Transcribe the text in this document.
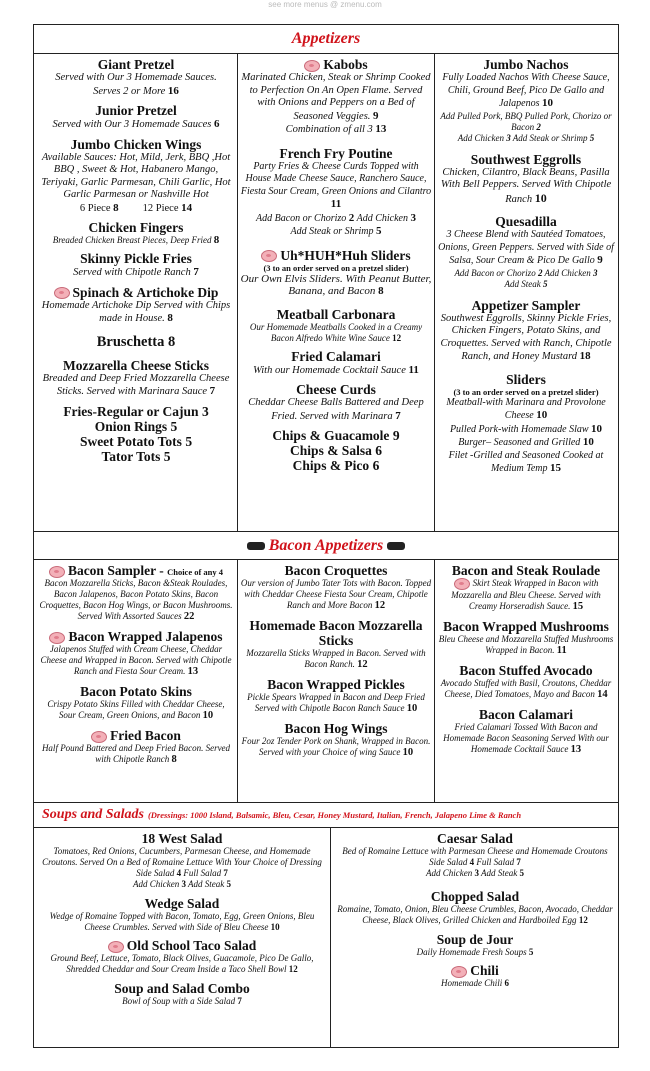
see more menus @ zmenu.com
Appetizers
Giant Pretzel
Served with Our 3 Homemade Sauces.
Serves 2 or More 16
Junior Pretzel
Served with Our 3 Homemade Sauces 6
Jumbo Chicken Wings
Available Sauces: Hot, Mild, Jerk, BBQ ,Hot BBQ , Sweet & Hot, Habanero Mango, Teriyaki, Garlic Parmesan, Chili Garlic, Hot Garlic Parmesan or Nashville Hot
6 Piece 8 12 Piece 14
Chicken Fingers
Breaded Chicken Breast Pieces, Deep Fried 8
Skinny Pickle Fries
Served with Chipotle Ranch 7
Spinach & Artichoke Dip
Homemade Artichoke Dip Served with Chips made in House. 8
Bruschetta 8
Mozzarella Cheese Sticks
Breaded and Deep Fried Mozzarella Cheese Sticks. Served with Marinara Sauce 7
Fries-Regular or Cajun 3
Onion Rings 5
Sweet Potato Tots 5
Tator Tots 5
Kabobs
Marinated Chicken, Steak or Shrimp Cooked to Perfection On An Open Flame. Served with Onions and Peppers on a Bed of Seasoned Veggies. 9
Combination of all 3 13
French Fry Poutine
Party Fries & Cheese Curds Topped with House Made Cheese Sauce, Ranchero Sauce, Fiesta Sour Cream, Green Onions and Cilantro 11
Add Bacon or Chorizo 2 Add Chicken 3
Add Steak or Shrimp 5
Uh*HUH*Huh Sliders
(3 to an order served on a pretzel slider)
Our Own Elvis Sliders. With Peanut Butter, Banana, and Bacon 8
Meatball Carbonara
Our Homemade Meatballs Cooked in a Creamy Bacon Alfredo White Wine Sauce 12
Fried Calamari
With our Homemade Cocktail Sauce 11
Cheese Curds
Cheddar Cheese Balls Battered and Deep Fried. Served with Marinara 7
Chips & Guacamole 9
Chips & Salsa 6
Chips & Pico 6
Jumbo Nachos
Fully Loaded Nachos With Cheese Sauce, Chili, Ground Beef, Pico De Gallo and Jalapenos 10
Add Pulled Pork, BBQ Pulled Pork, Chorizo or Bacon 2
Add Chicken 3 Add Steak or Shrimp 5
Southwest Eggrolls
Chicken, Cilantro, Black Beans, Pasilla With Bell Peppers. Served With Chipotle Ranch 10
Quesadilla
3 Cheese Blend with Sautéed Tomatoes, Onions, Green Peppers. Served with Side of Salsa, Sour Cream & Pico De Gallo 9
Add Bacon or Chorizo 2 Add Chicken 3
Add Steak 5
Appetizer Sampler
Southwest Eggrolls, Skinny Pickle Fries, Chicken Fingers, Potato Skins, and Croquettes. Served with Ranch, Chipotle Ranch, and Honey Mustard 18
Sliders
(3 to an order served on a pretzel slider)
Meatball-with Marinara and Provolone Cheese 10
Pulled Pork-with Homemade Slaw 10
Burger– Seasoned and Grilled 10
Filet -Grilled and Seasoned Cooked at Medium Temp 15
Bacon Appetizers
Bacon Sampler - Choice of any 4
Bacon Mozzarella Sticks, Bacon &Steak Roulades, Bacon Jalapenos, Bacon Potato Skins, Bacon Croquettes, Bacon Hog Wings, or Bacon Mushrooms. Served With Assorted Sauces 22
Bacon Wrapped Jalapenos
Jalapenos Stuffed with Cream Cheese, Cheddar Cheese and Wrapped in Bacon. Served with Chipotle Ranch and Fiesta Sour Cream. 13
Bacon Potato Skins
Crispy Potato Skins Filled with Cheddar Cheese, Sour Cream, Green Onions, and Bacon 10
Fried Bacon
Half Pound Battered and Deep Fried Bacon. Served with Chipotle Ranch 8
Bacon Croquettes
Our version of Jumbo Tater Tots with Bacon. Topped with Cheddar Cheese Fiesta Sour Cream, Chipotle Ranch and More Bacon 12
Homemade Bacon Mozzarella Sticks
Mozzarella Sticks Wrapped in Bacon. Served with Bacon Ranch. 12
Bacon Wrapped Pickles
Pickle Spears Wrapped in Bacon and Deep Fried Served with Chipotle Bacon Ranch Sauce 10
Bacon Hog Wings
Four 2oz Tender Pork on Shank, Wrapped in Bacon. Served with your Choice of wing Sauce 10
Bacon and Steak Roulade
Skirt Steak Wrapped in Bacon with Mozzarella and Bleu Cheese. Served with Creamy Horseradish Sauce. 15
Bacon Wrapped Mushrooms
Bleu Cheese and Mozzarella Stuffed Mushrooms Wrapped in Bacon. 11
Bacon Stuffed Avocado
Avocado Stuffed with Basil, Croutons, Cheddar Cheese, Died Tomatoes, Mayo and Bacon 14
Bacon Calamari
Fried Calamari Tossed With Bacon and Homemade Bacon Seasoning Served With our Homemade Cocktail Sauce 13
Soups and Salads (Dressings: 1000 Island, Balsamic, Bleu, Cesar, Honey Mustard, Italian, French, Jalapeno Lime & Ranch
18 West Salad
Tomatoes, Red Onions, Cucumbers, Parmesan Cheese, and Homemade Croutons. Served On a Bed of Romaine Lettuce With Your Choice of Dressing
Side Salad 4 Full Salad 7
Add Chicken 3 Add Steak 5
Wedge Salad
Wedge of Romaine Topped with Bacon, Tomato, Egg, Green Onions, Bleu Cheese Crumbles. Served with Side of Bleu Cheese 10
Old School Taco Salad
Ground Beef, Lettuce, Tomato, Black Olives, Guacamole, Pico De Gallo, Shredded Cheddar and Sour Cream Inside a Taco Shell Bowl 12
Soup and Salad Combo
Bowl of Soup with a Side Salad 7
Caesar Salad
Bed of Romaine Lettuce with Parmesan Cheese and Homemade Croutons
Side Salad 4 Full Salad 7
Add Chicken 3 Add Steak 5
Chopped Salad
Romaine, Tomato, Onion, Bleu Cheese Crumbles, Bacon, Avocado, Cheddar Cheese, Black Olives, Grilled Chicken and Hardboiled Egg 12
Soup de Jour
Daily Homemade Fresh Soups 5
Chili
Homemade Chili 6
